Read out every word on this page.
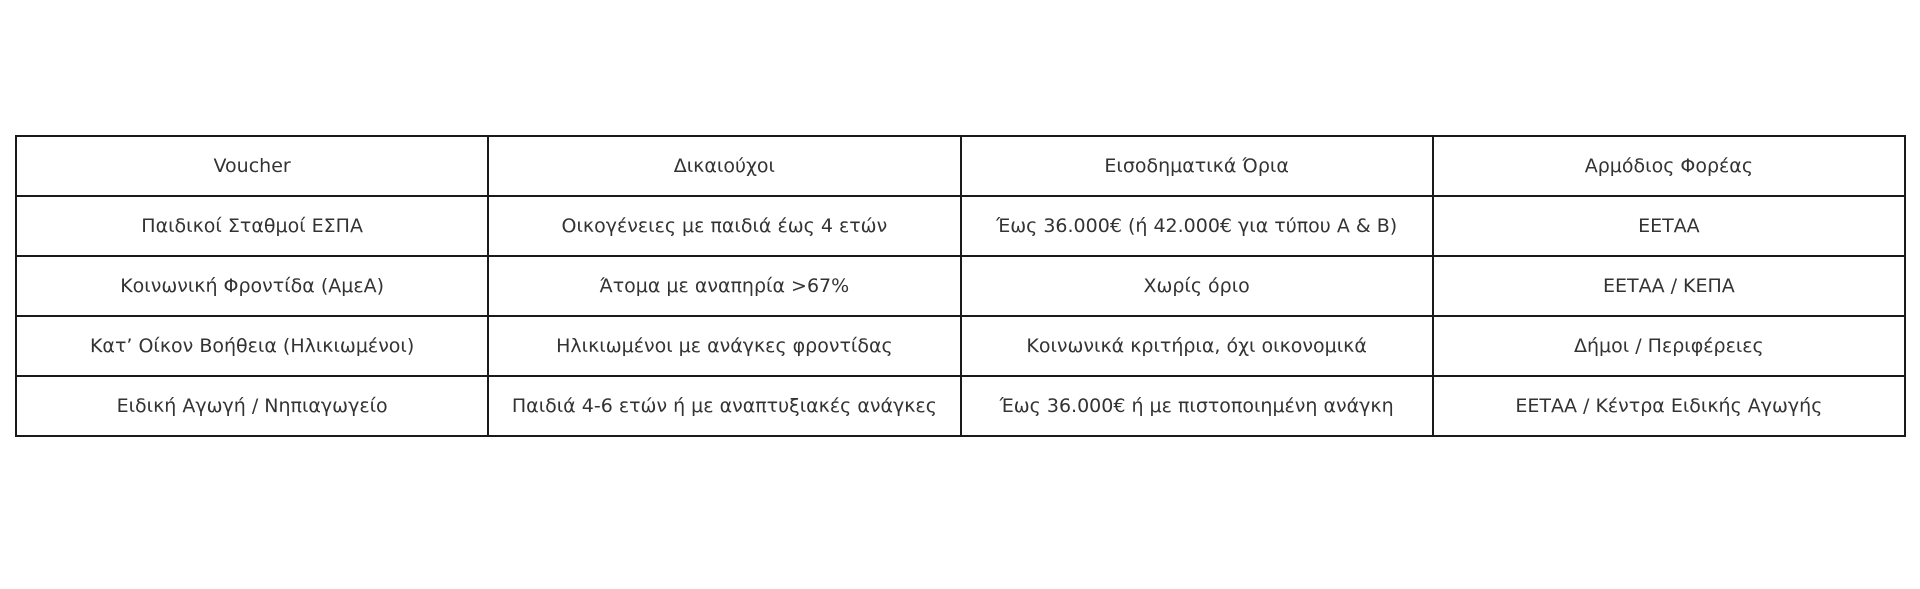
Voucher	Δικαιούχοι	Εισοδηματικά Όρια	Αρμόδιος Φορέας
Παιδικοί Σταθμοί ΕΣΠΑ	Οικογένειες με παιδιά έως 4 ετών	Έως 36.000€ (ή 42.000€ για τύπου Α & Β)	ΕΕΤΑΑ
Κοινωνική Φροντίδα (ΑμεΑ)	Άτομα με αναπηρία >67%	Χωρίς όριο	ΕΕΤΑΑ / ΚΕΠΑ
Κατ’ Οίκον Βοήθεια (Ηλικιωμένοι)	Ηλικιωμένοι με ανάγκες φροντίδας	Κοινωνικά κριτήρια, όχι οικονομικά	Δήμοι / Περιφέρειες
Ειδική Αγωγή / Νηπιαγωγείο	Παιδιά 4-6 ετών ή με αναπτυξιακές ανάγκες	Έως 36.000€ ή με πιστοποιημένη ανάγκη	ΕΕΤΑΑ / Κέντρα Ειδικής Αγωγής
